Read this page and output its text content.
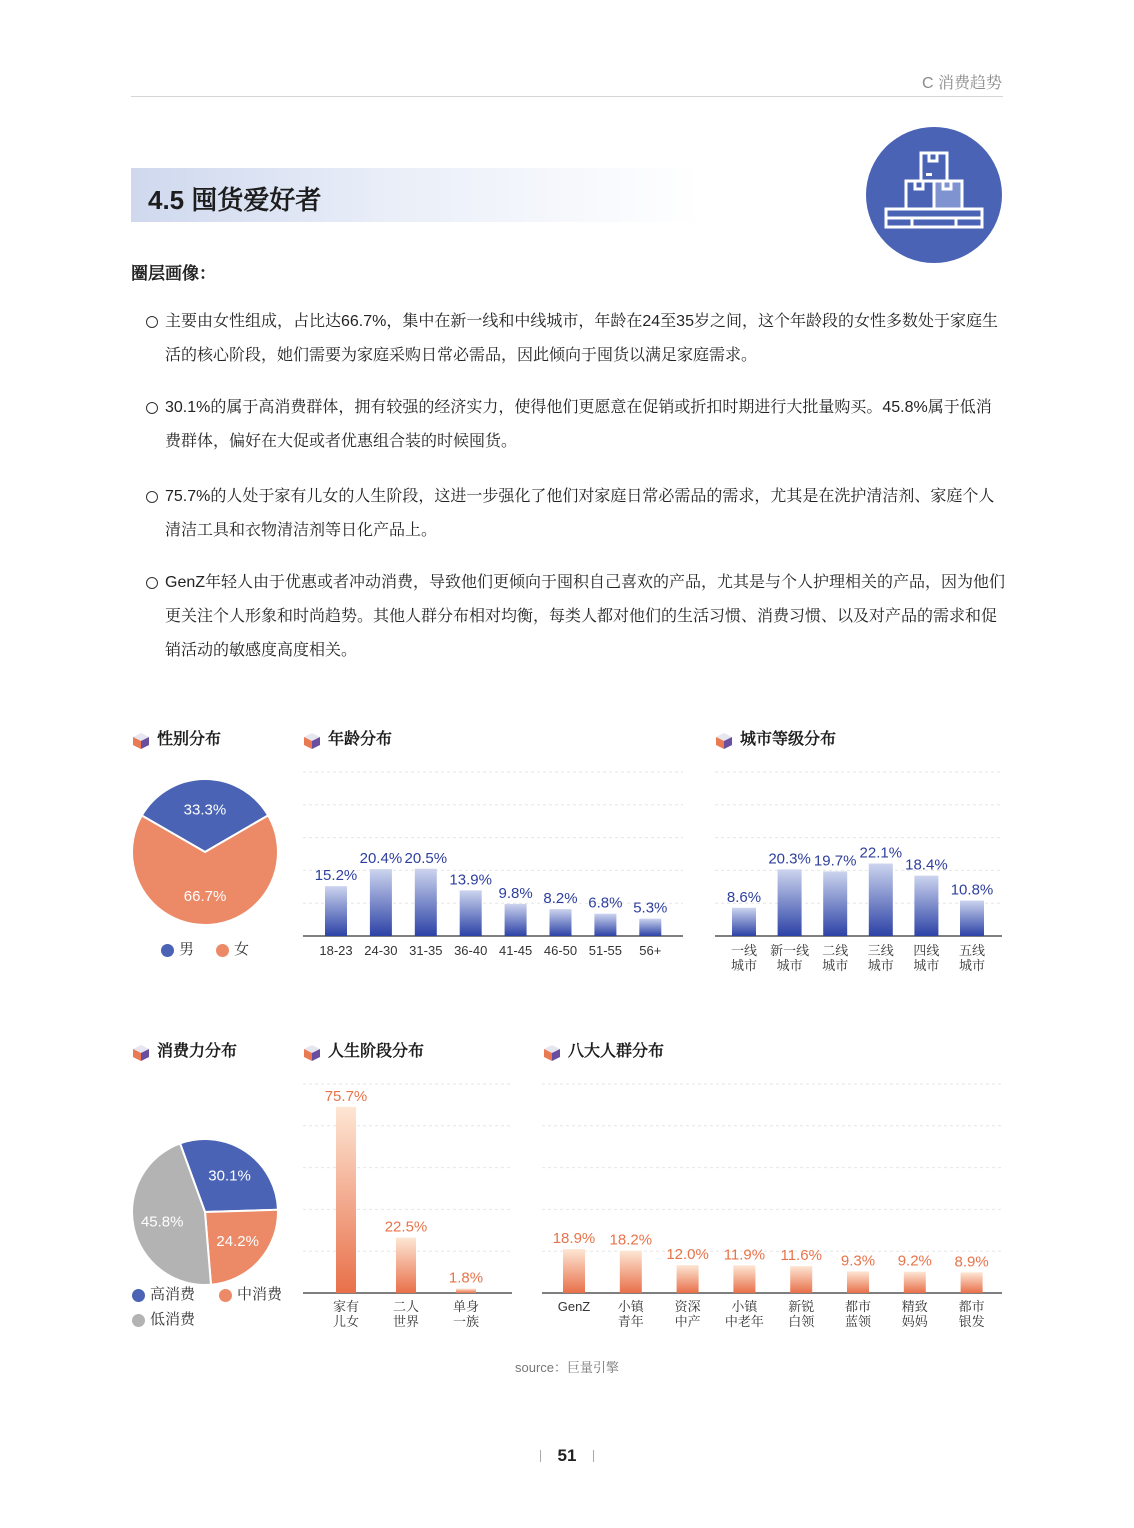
C 消费趋势
4.5 囤货爱好者
圈层画像：
主要由女性组成，占比达66.7%，集中在新一线和中线城市，年龄在24至35岁之间，这个年龄段的女性多数处于家庭生活的核心阶段，她们需要为家庭采购日常必需品，因此倾向于囤货以满足家庭需求。
30.1%的属于高消费群体，拥有较强的经济实力，使得他们更愿意在促销或折扣时期进行大批量购买。45.8%属于低消费群体，偏好在大促或者优惠组合装的时候囤货。
75.7%的人处于家有儿女的人生阶段，这进一步强化了他们对家庭日常必需品的需求，尤其是在洗护清洁剂、家庭个人清洁工具和衣物清洁剂等日化产品上。
GenZ年轻人由于优惠或者冲动消费，导致他们更倾向于囤积自己喜欢的产品，尤其是与个人护理相关的产品，因为他们更关注个人形象和时尚趋势。其他人群分布相对均衡，每类人都对他们的生活习惯、消费习惯、以及对产品的需求和促销活动的敏感度高度相关。
33.3%
66.7%
15.2%
18-23
20.4%
24-30
20.5%
31-35
13.9%
36-40
9.8%
41-45
8.2%
46-50
6.8%
51-55
5.3%
56+
8.6%
一线
城市
20.3%
新一线
城市
19.7%
二线
城市
22.1%
三线
城市
18.4%
四线
城市
10.8%
五线
城市
30.1%
24.2%
45.8%
75.7%
家有
儿女
22.5%
二人
世界
1.8%
单身
一族
18.9%
GenZ
18.2%
小镇
青年
12.0%
资深
中产
11.9%
小镇
中老年
11.6%
新锐
白领
9.3%
都市
蓝领
9.2%
精致
妈妈
8.9%
都市
银发
性别分布	年龄分布	城市等级分布
消费力分布	人生阶段分布	八大人群分布
男	女
高消费	中消费
低消费
source：巨量引擎
51
